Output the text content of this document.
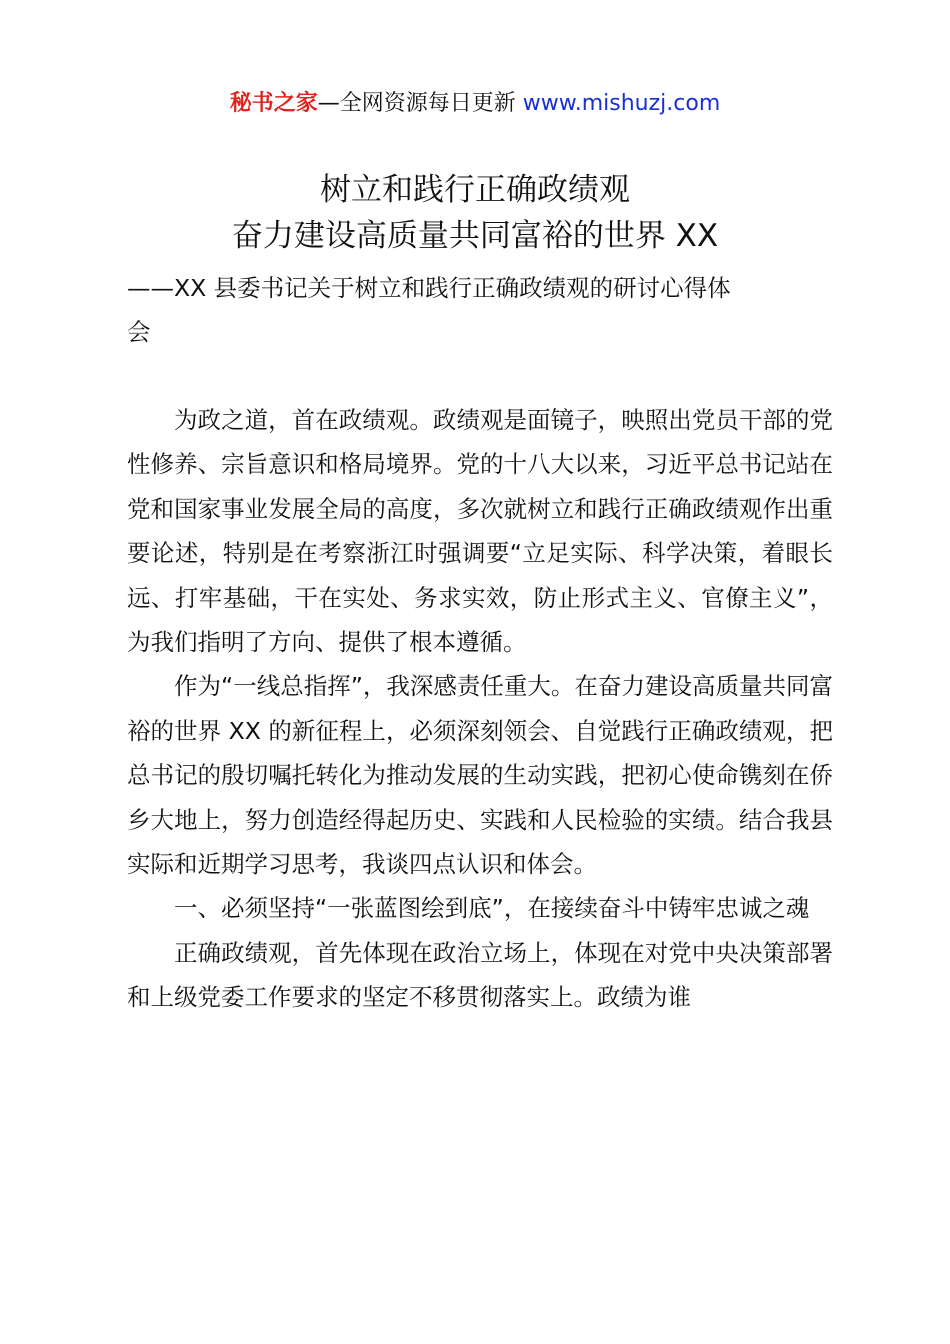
秘书之家—全网资源每日更新 www.mishuzj.com
树立和践行正确政绩观
奋力建设高质量共同富裕的世界 XX
——XX 县委书记关于树立和践行正确政绩观的研讨心得体
会

为政之道，首在政绩观。政绩观是面镜子，映照出党员干部的党性修养、宗旨意识和格局境界。党的十八大以来，习近平总书记站在党和国家事业发展全局的高度，多次就树立和践行正确政绩观作出重要论述，特别是在考察浙江时强调要“立足实际、科学决策，着眼长远、打牢基础，干在实处、务求实效，防止形式主义、官僚主义”，为我们指明了方向、提供了根本遵循。

作为“一线总指挥”，我深感责任重大。在奋力建设高质量共同富裕的世界 XX 的新征程上，必须深刻领会、自觉践行正确政绩观，把总书记的殷切嘱托转化为推动发展的生动实践，把初心使命镌刻在侨乡大地上，努力创造经得起历史、实践和人民检验的实绩。结合我县实际和近期学习思考，我谈四点认识和体会。

一、必须坚持“一张蓝图绘到底”，在接续奋斗中铸牢忠诚之魂

正确政绩观，首先体现在政治立场上，体现在对党中央决策部署和上级党委工作要求的坚定不移贯彻落实上。政绩为谁
